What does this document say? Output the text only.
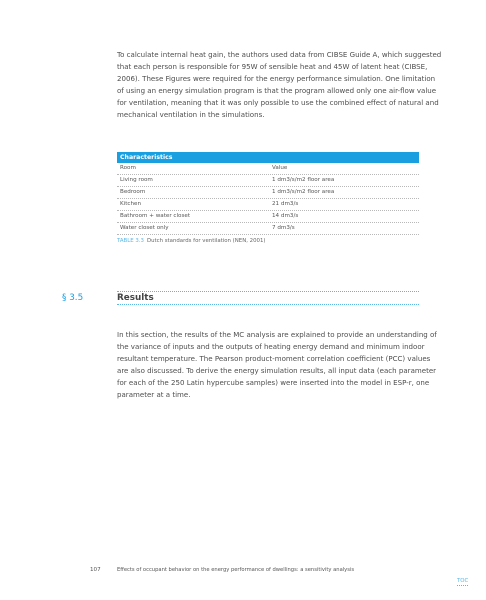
To calculate internal heat gain, the authors used data from CIBSE Guide A, which suggested that each person is responsible for 95W of sensible heat and 45W of latent heat (CIBSE, 2006). These Figures were required for the energy performance simulation. One limitation of using an energy simulation program is that the program allowed only one air-flow value for ventilation, meaning that it was only possible to use the combined effect of natural and mechanical ventilation in the simulations.

Characteristics
Room	Value
Living room	1 dm3/s/m2 floor area
Bedroom	1 dm3/s/m2 floor area
Kitchen	21 dm3/s
Bathroom + water closet	14 dm3/s
Water closet only	7 dm3/s
TABLE 3.3 Dutch standards for ventilation (NEN, 2001)
§ 3.5	Results

In this section, the results of the MC analysis are explained to provide an understanding of the variance of inputs and the outputs of heating energy demand and minimum indoor resultant temperature. The Pearson product-moment correlation coefficient (PCC) values are also discussed. To derive the energy simulation results, all input data (each parameter for each of the 250 Latin hypercube samples) were inserted into the model in ESP-r, one parameter at a time.

107	Effects of occupant behavior on the energy performance of dwellings: a sensitivity analysis
TOC
